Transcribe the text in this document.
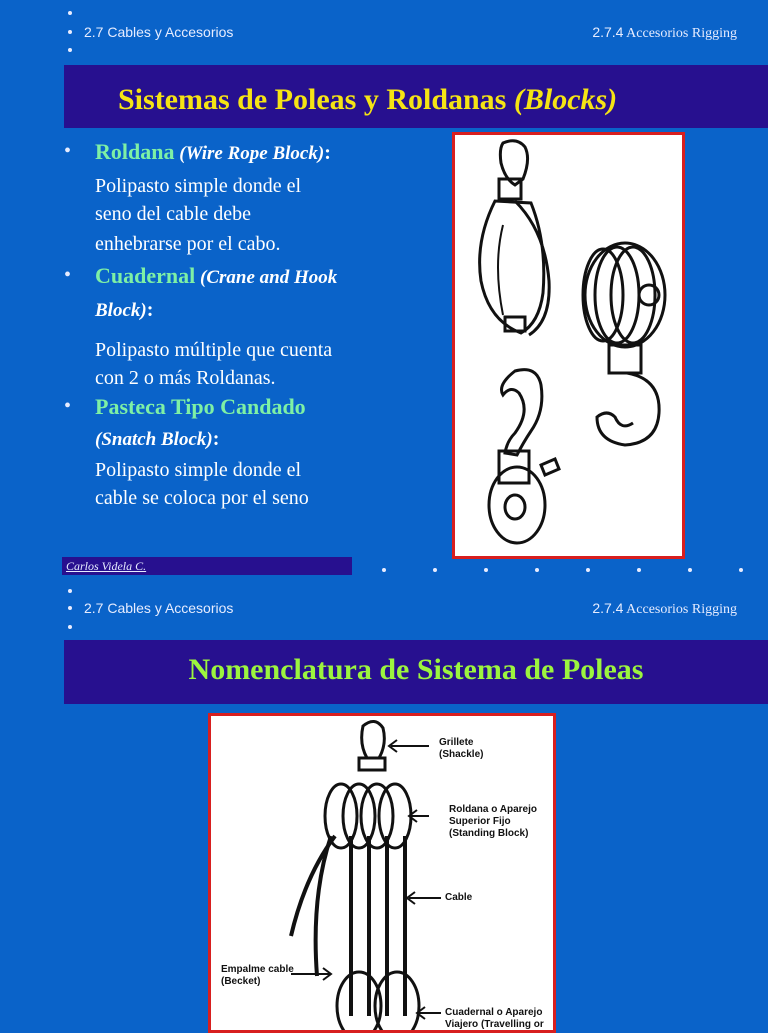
2.7 Cables y Accesorios	2.7.4 Accesorios Rigging
Sistemas de Poleas y Roldanas (Blocks)
• Roldana (Wire Rope Block):
Polipasto simple donde el
seno del cable debe
enhebrarse por el cabo.
• Cuadernal (Crane and Hook
Block):
Polipasto múltiple que cuenta
con 2 o más Roldanas.
• Pasteca Tipo Candado
(Snatch Block):
Polipasto simple donde el
cable se coloca por el seno
Carlos Videla C.
2.7 Cables y Accesorios	2.7.4 Accesorios Rigging
Nomenclatura de Sistema de Poleas
Grillete
(Shackle)
Roldana o Aparejo
Superior Fijo
(Standing Block)
Cable
Empalme cable
(Becket)
Cuadernal o Aparejo
Viajero (Travelling or
